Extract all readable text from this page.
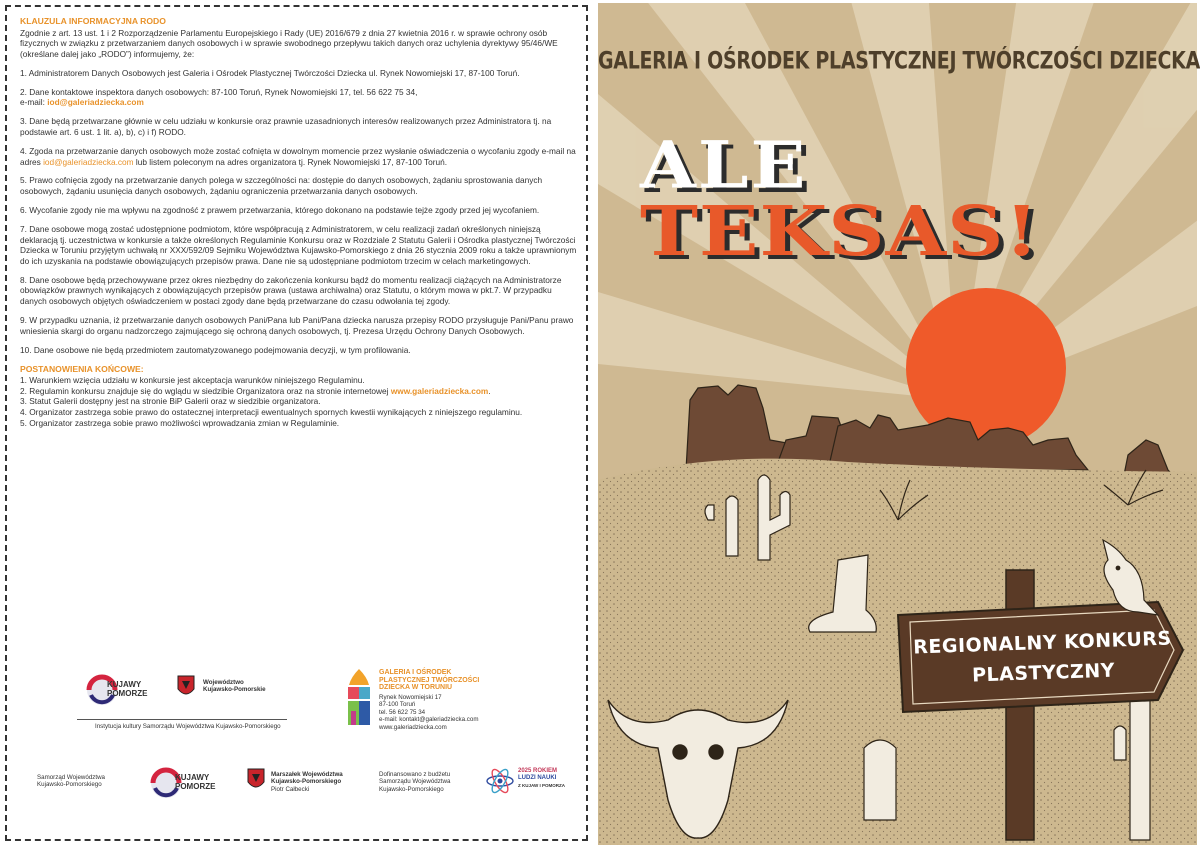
KLAUZULA INFORMACYJNA RODO

Zgodnie z art. 13 ust. 1 i 2 Rozporządzenie Parlamentu Europejskiego i Rady (UE) 2016/679 z dnia 27 kwietnia 2016 r. w sprawie ochrony osób fizycznych w związku z przetwarzaniem danych osobowych i w sprawie swobodnego przepływu takich danych oraz uchylenia dyrektywy 95/46/WE (określane dalej jako „RODO”) informujemy, że:

1. Administratorem Danych Osobowych jest Galeria i Ośrodek Plastycznej Twórczości Dziecka ul. Rynek Nowomiejski 17, 87-100 Toruń.

2. Dane kontaktowe inspektora danych osobowych: 87-100 Toruń, Rynek Nowomiejski 17, tel. 56 622 75 34,
e-mail: iod@galeriadziecka.com

3. Dane będą przetwarzane głównie w celu udziału w konkursie oraz prawnie uzasadnionych interesów realizowanych przez Administratora tj. na podstawie art. 6 ust. 1 lit. a), b), c) i f) RODO.

4. Zgoda na przetwarzanie danych osobowych może zostać cofnięta w dowolnym momencie przez wysłanie oświadczenia o wycofaniu zgody e-mail na adres iod@galeriadziecka.com lub listem poleconym na adres organizatora tj. Rynek Nowomiejski 17, 87-100 Toruń.

5. Prawo cofnięcia zgody na przetwarzanie danych polega w szczególności na: dostępie do danych osobowych, żądaniu sprostowania danych osobowych, żądaniu usunięcia danych osobowych, żądaniu ograniczenia przetwarzania danych osobowych.

6. Wycofanie zgody nie ma wpływu na zgodność z prawem przetwarzania, którego dokonano na podstawie tejże zgody przed jej wycofaniem.

7. Dane osobowe mogą zostać udostępnione podmiotom, które współpracują z Administratorem, w celu realizacji zadań określonych niniejszą deklaracją tj. uczestnictwa w konkursie a także określonych Regulaminie Konkursu oraz w Rozdziale 2 Statutu Galerii i Ośrodka plastycznej Twórczości Dziecka w Toruniu przyjętym uchwałą nr XXX/592/09 Sejmiku Województwa Kujawsko-Pomorskiego z dnia 26 stycznia 2009 roku a także uprawnionym do ich uzyskania na podstawie obowiązujących przepisów prawa. Dane nie są udostępniane podmiotom trzecim w celach marketingowych.

8. Dane osobowe będą przechowywane przez okres niezbędny do zakończenia konkursu bądź do momentu realizacji ciążących na Administratorze obowiązków prawnych wynikających z obowiązujących przepisów prawa (ustawa archiwalna) oraz Statutu, o którym mowa w pkt.7. W przypadku danych osobowych objętych oświadczeniem w postaci zgody dane będą przetwarzane do czasu odwołania tej zgody.

9. W przypadku uznania, iż przetwarzanie danych osobowych Pani/Pana lub Pani/Pana dziecka narusza przepisy RODO przysługuje Pani/Panu prawo wniesienia skargi do organu nadzorczego zajmującego się ochroną danych osobowych, tj. Prezesa Urzędu Ochrony Danych Osobowych.

10. Dane osobowe nie będą przedmiotem zautomatyzowanego podejmowania decyzji, w tym profilowania.

POSTANOWIENIA KOŃCOWE:

1. Warunkiem wzięcia udziału w konkursie jest akceptacja warunków niniejszego Regulaminu.

2. Regulamin konkursu znajduje się do wglądu w siedzibie Organizatora oraz na stronie internetowej www.galeriadziecka.com.

3. Statut Galerii dostępny jest na stronie BiP Galerii oraz w siedzibie organizatora.

4. Organizator zastrzega sobie prawo do ostatecznej interpretacji ewentualnych spornych kwestii wynikających z niniejszego regulaminu.

5. Organizator zastrzega sobie prawo możliwości wprowadzania zmian w Regulaminie.

KUJAWY
POMORZE
Województwo
Kujawsko-Pomorskie
Instytucja kultury Samorządu Województwa Kujawsko-Pomorskiego
GALERIA I OŚRODEK
PLASTYCZNEJ TWÓRCZOŚCI
DZIECKA W TORUNIU
Rynek Nowomiejski 17
87-100 Toruń
tel. 56 622 75 34
e-mail: kontakt@galeriadziecka.com
www.galeriadziecka.com
Samorząd Województwa
Kujawsko-Pomorskiego
KUJAWY
POMORZE
Marszałek Województwa
Kujawsko-Pomorskiego
Piotr Całbecki
Dofinansowano z budżetu
Samorządu Województwa
Kujawsko-Pomorskiego
2025 ROKIEM
LUDZI NAUKI
Z KUJAW I POMORZA
GALERIA I OŚRODEK PLASTYCZNEJ TWÓRCZOŚCI DZIECKA
ALE
TEKSAS!
REGIONALNY KONKURS
PLASTYCZNY
